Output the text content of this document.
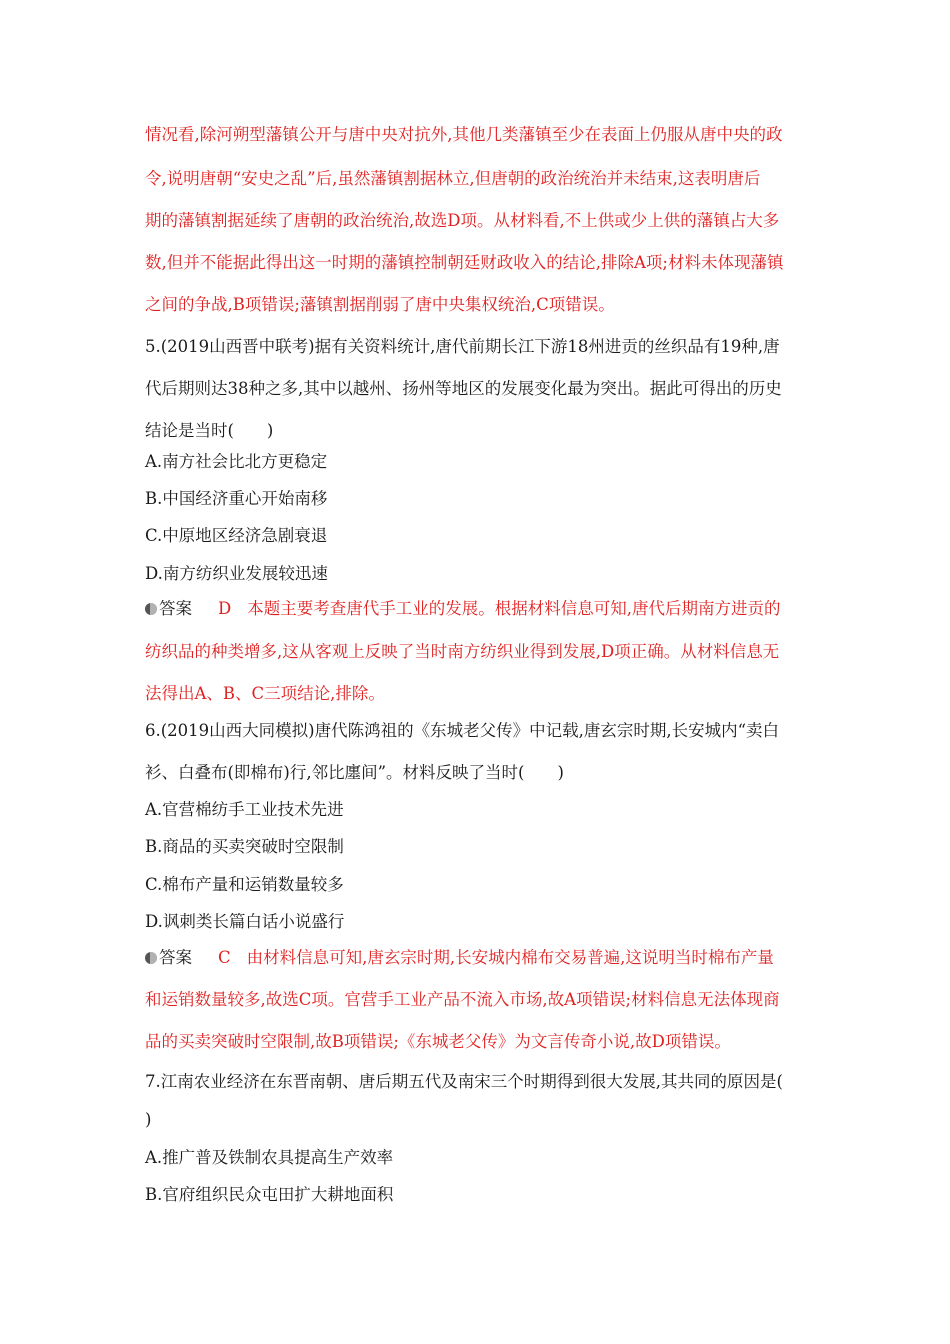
情况看,除河朔型藩镇公开与唐中央对抗外,其他几类藩镇至少在表面上仍服从唐中央的政
令,说明唐朝“安史之乱”后,虽然藩镇割据林立,但唐朝的政治统治并未结束,这表明唐后
期的藩镇割据延续了唐朝的政治统治,故选D项。从材料看,不上供或少上供的藩镇占大多
数,但并不能据此得出这一时期的藩镇控制朝廷财政收入的结论,排除A项;材料未体现藩镇
之间的争战,B项错误;藩镇割据削弱了唐中央集权统治,C项错误。
5.(2019山西晋中联考)据有关资料统计,唐代前期长江下游18州进贡的丝织品有19种,唐
代后期则达38种之多,其中以越州、扬州等地区的发展变化最为突出。据此可得出的历史
结论是当时(　　)
A.南方社会比北方更稳定
B.中国经济重心开始南移
C.中原地区经济急剧衰退
D.南方纺织业发展较迅速
答案 D 本题主要考查唐代手工业的发展。根据材料信息可知,唐代后期南方进贡的
纺织品的种类增多,这从客观上反映了当时南方纺织业得到发展,D项正确。从材料信息无
法得出A、B、C三项结论,排除。
6.(2019山西大同模拟)唐代陈鸿祖的《东城老父传》中记载,唐玄宗时期,长安城内“卖白
衫、白叠布(即棉布)行,邻比廛间”。材料反映了当时(　　)
A.官营棉纺手工业技术先进
B.商品的买卖突破时空限制
C.棉布产量和运销数量较多
D.讽刺类长篇白话小说盛行
答案 C 由材料信息可知,唐玄宗时期,长安城内棉布交易普遍,这说明当时棉布产量
和运销数量较多,故选C项。官营手工业产品不流入市场,故A项错误;材料信息无法体现商
品的买卖突破时空限制,故B项错误;《东城老父传》为文言传奇小说,故D项错误。
7.江南农业经济在东晋南朝、唐后期五代及南宋三个时期得到很大发展,其共同的原因是(
)
A.推广普及铁制农具提高生产效率
B.官府组织民众屯田扩大耕地面积
